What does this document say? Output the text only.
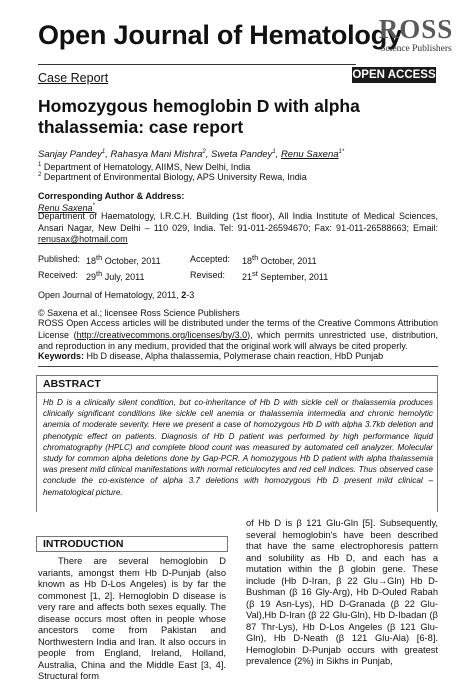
Open Journal of Hematology
ROSS
Science Publishers
Case Report	OPEN ACCESS
Homozygous hemoglobin D with alpha thalassemia: case report
Sanjay Pandey$^1$, Rahasya Mani Mishra$^2$, Sweta Pandey$^1$, Renu Saxena$^{1*}$
$^1$ Department of Hematology, AIIMS, New Delhi, India
$^2$ Department of Environmental Biology, APS University Rewa, India
Corresponding Author & Address:
Renu Saxena*
Department of Haematology, I.R.C.H. Building (1st floor), All India Institute of Medical Sciences, Ansari Nagar, New Delhi – 110 029, India. Tel: 91-011-26594670; Fax: 91-011-26588663; Email: renusax@hotmail.com
Published:	18th October, 2011	Accepted:	18th October, 2011
Received:	29th July, 2011	Revised:	21st September, 2011
Open Journal of Hematology, 2011, 2-3
© Saxena et al.; licensee Ross Science Publishers
ROSS Open Access articles will be distributed under the terms of the Creative Commons Attribution License (http://creativecommons.org/licenses/by/3.0), which permits unrestricted use, distribution, and reproduction in any medium, provided that the original work will always be cited properly.
Keywords: Hb D disease, Alpha thalassemia, Polymerase chain reaction, HbD Punjab
ABSTRACT
Hb D is a clinically silent condition, but co-inheritance of Hb D with sickle cell or thalassemia produces clinically significant conditions like sickle cell anemia or thalassemia intermedia and chronic hemolytic anemia of moderate severity. Here we present a case of homozygous Hb D with alpha 3.7kb deletion and phenotypic effect on patients. Diagnosis of Hb D patient was performed by high performance liquid chromatography (HPLC) and complete blood count was measured by automated cell analyzer. Molecular study for common alpha deletions done by Gap-PCR. A homozygous Hb D patient with alpha thalassemia was present mild clinical manifestations with normal reticulocytes and red cell indices. Thus observed case conclude the co-existence of alpha 3.7 deletions with homozygous Hb D present mild clinical –hematological picture.
INTRODUCTION
There are several hemoglobin D variants, amongst them Hb D-Punjab (also known as Hb D-Los Angeles) is by far the commonest [1, 2]. Hemoglobin D disease is very rare and affects both sexes equally. The disease occurs most often in people whose ancestors come from Pakistan and Northwestern India and Iran. It also occurs in people from England, Ireland, Holland, Australia, China and the Middle East [3, 4]. Structural form
of Hb D is β 121 Glu-Gln [5]. Subsequently, several hemoglobin's have been described that have the same electrophoresis pattern and solubility as Hb D, and each has a mutation within the β globin gene. These include (Hb D-Iran, β 22 Glu→Gln) Hb D-Bushman (β 16 Gly-Arg), Hb D-Ouled Rabah (β 19 Asn-Lys), HD D-Granada (β 22 Glu-Val),Hb D-Iran (β 22 Glu-Gln), Hb D-Ibadan (β 87 Thr-Lys), Hb D-Los Angeles (β 121 Glu-Gln), Hb D-Neath (β 121 Glu-Ala) [6-8]. Hemoglobin D-Punjab occurs with greatest prevalence (2%) in Sikhs in Punjab,
